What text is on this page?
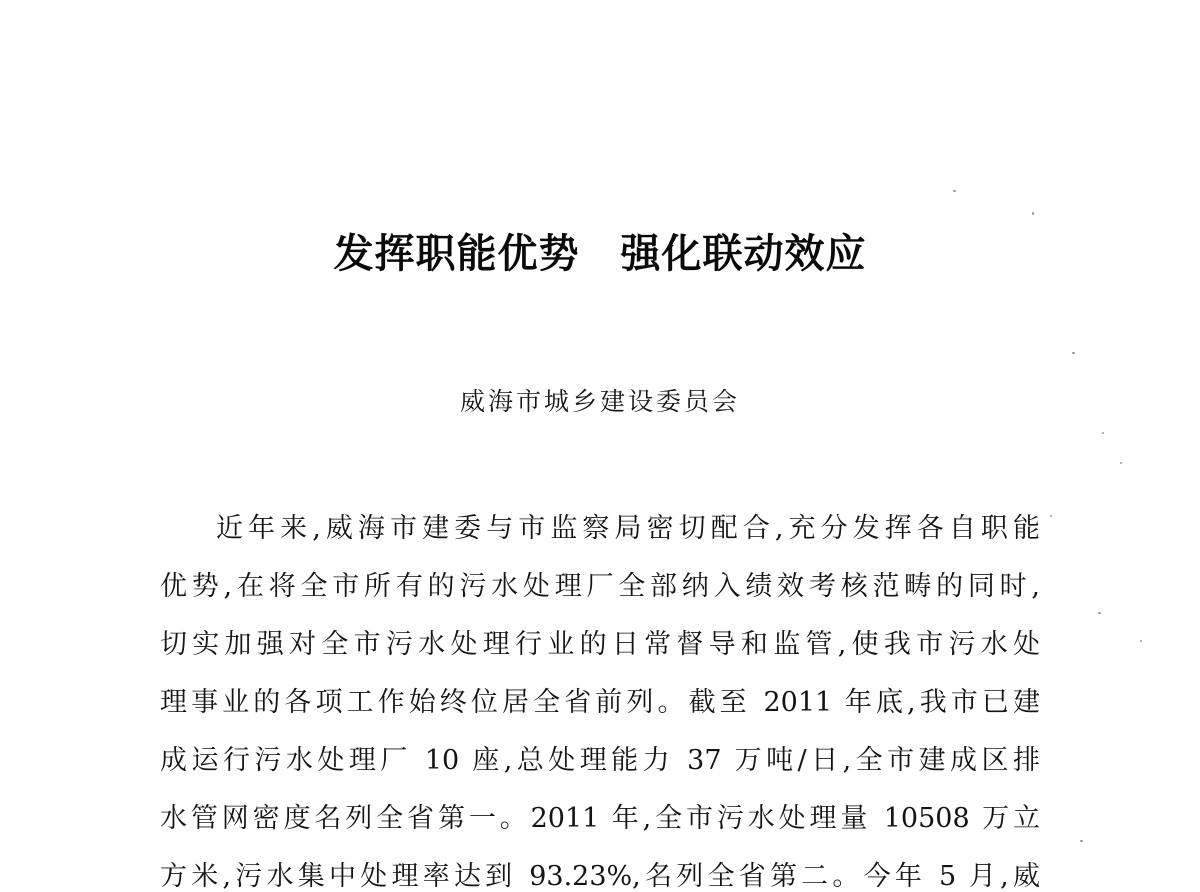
发挥职能优势　强化联动效应
威海市城乡建设委员会
近年来,威海市建委与市监察局密切配合,充分发挥各自职能
优势,在将全市所有的污水处理厂全部纳入绩效考核范畴的同时,
切实加强对全市污水处理行业的日常督导和监管,使我市污水处
理事业的各项工作始终位居全省前列。截至 2011 年底,我市已建
成运行污水处理厂 10 座,总处理能力 37 万吨/日,全市建成区排
水管网密度名列全省第一。2011 年,全市污水处理量 10508 万立
方米,污水集中处理率达到 93.23%,名列全省第二。今年 5 月,威
